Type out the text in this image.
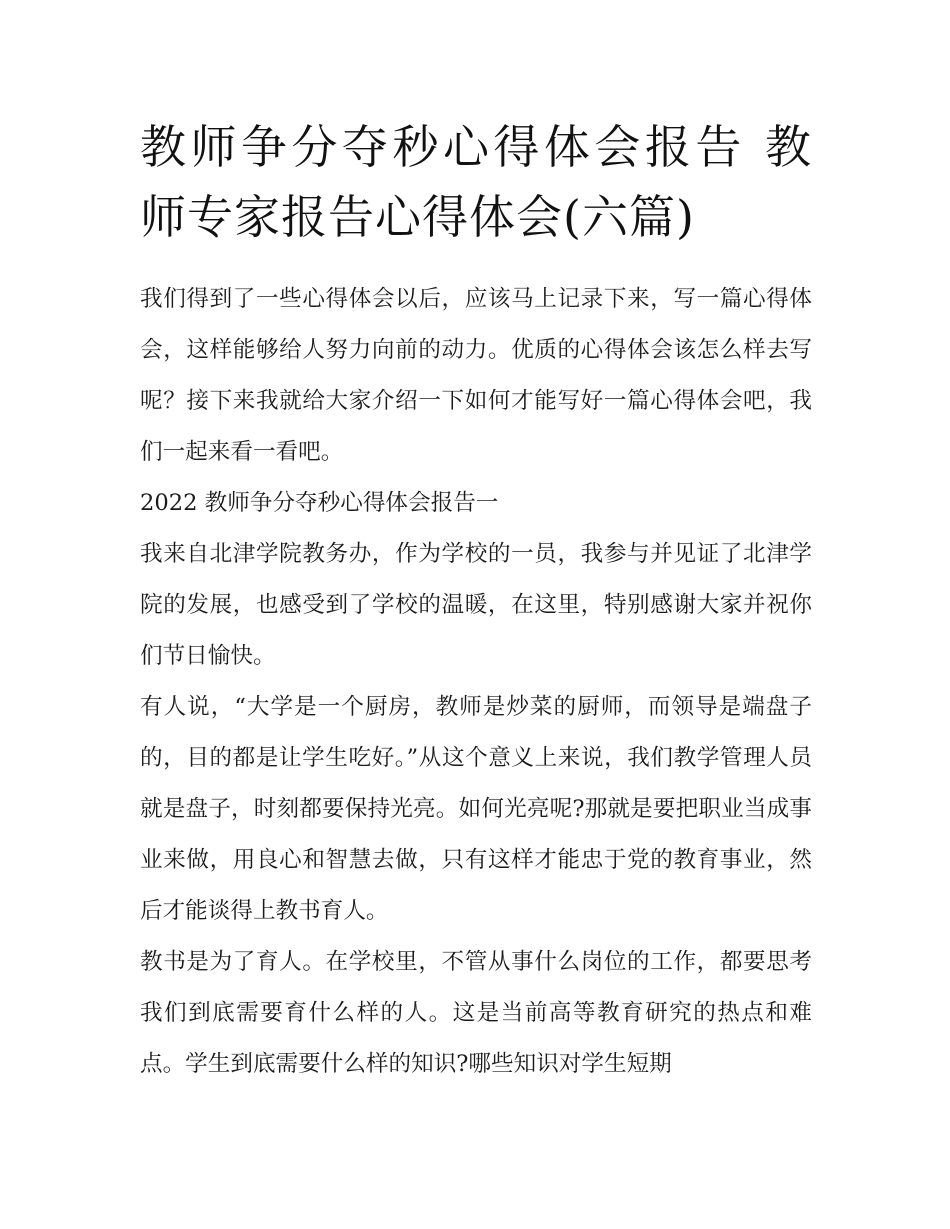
教师争分夺秒心得体会报告 教师专家报告心得体会(六篇)

我们得到了一些心得体会以后，应该马上记录下来，写一篇心得体会，这样能够给人努力向前的动力。优质的心得体会该怎么样去写呢？接下来我就给大家介绍一下如何才能写好一篇心得体会吧，我们一起来看一看吧。

2022 教师争分夺秒心得体会报告一

我来自北津学院教务办，作为学校的一员，我参与并见证了北津学院的发展，也感受到了学校的温暖，在这里，特别感谢大家并祝你们节日愉快。

有人说，“大学是一个厨房，教师是炒菜的厨师，而领导是端盘子的，目的都是让学生吃好。”从这个意义上来说，我们教学管理人员就是盘子，时刻都要保持光亮。如何光亮呢?那就是要把职业当成事业来做，用良心和智慧去做，只有这样才能忠于党的教育事业，然后才能谈得上教书育人。

教书是为了育人。在学校里，不管从事什么岗位的工作，都要思考我们到底需要育什么样的人。这是当前高等教育研究的热点和难点。学生到底需要什么样的知识?哪些知识对学生短期
